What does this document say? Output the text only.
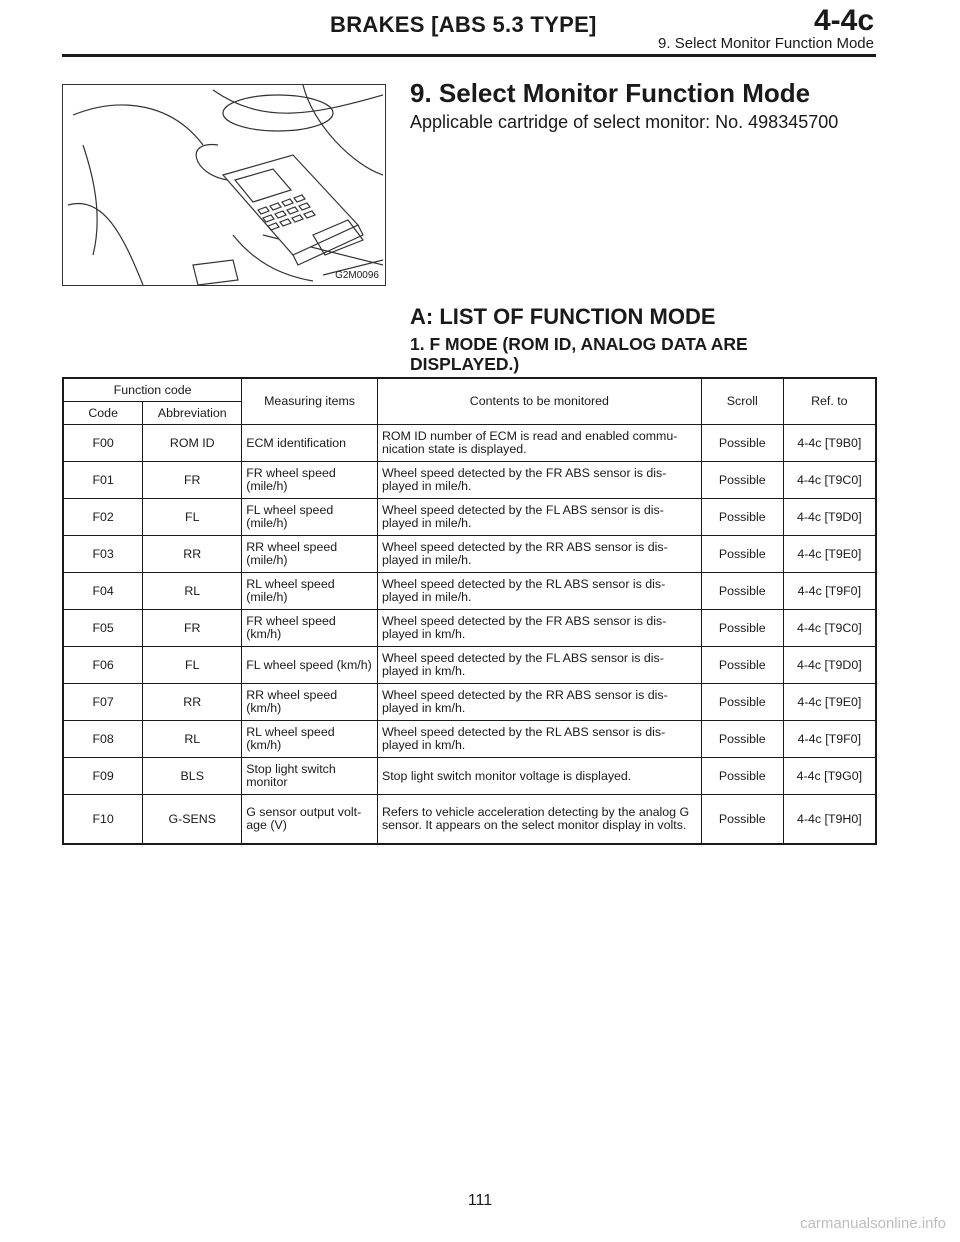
BRAKES [ABS 5.3 TYPE]	4-4c
9. Select Monitor Function Mode
G2M0096
9. Select Monitor Function Mode
Applicable cartridge of select monitor: No. 498345700
A: LIST OF FUNCTION MODE
1. F MODE (ROM ID, ANALOG DATA ARE DISPLAYED.)
Function code		Measuring items	Contents to be monitored	Scroll	Ref. to
Code	Abbreviation				
F00	ROM ID	ECM identification	ROM ID number of ECM is read and enabled commu- nication state is displayed.	Possible	4-4c [T9B0]
F01	FR	FR wheel speed (mile/h)	Wheel speed detected by the FR ABS sensor is dis- played in mile/h.	Possible	4-4c [T9C0]
F02	FL	FL wheel speed (mile/h)	Wheel speed detected by the FL ABS sensor is dis- played in mile/h.	Possible	4-4c [T9D0]
F03	RR	RR wheel speed (mile/h)	Wheel speed detected by the RR ABS sensor is dis- played in mile/h.	Possible	4-4c [T9E0]
F04	RL	RL wheel speed (mile/h)	Wheel speed detected by the RL ABS sensor is dis- played in mile/h.	Possible	4-4c [T9F0]
F05	FR	FR wheel speed (km/h)	Wheel speed detected by the FR ABS sensor is dis- played in km/h.	Possible	4-4c [T9C0]
F06	FL	FL wheel speed (km/h)	Wheel speed detected by the FL ABS sensor is dis- played in km/h.	Possible	4-4c [T9D0]
F07	RR	RR wheel speed (km/h)	Wheel speed detected by the RR ABS sensor is dis- played in km/h.	Possible	4-4c [T9E0]
F08	RL	RL wheel speed (km/h)	Wheel speed detected by the RL ABS sensor is dis- played in km/h.	Possible	4-4c [T9F0]
F09	BLS	Stop light switch monitor	Stop light switch monitor voltage is displayed.	Possible	4-4c [T9G0]
F10	G-SENS	G sensor output volt- age (V)	Refers to vehicle acceleration detecting by the analog G sensor. It appears on the select monitor display in volts.	Possible	4-4c [T9H0]
111
carmanualsonline.info
